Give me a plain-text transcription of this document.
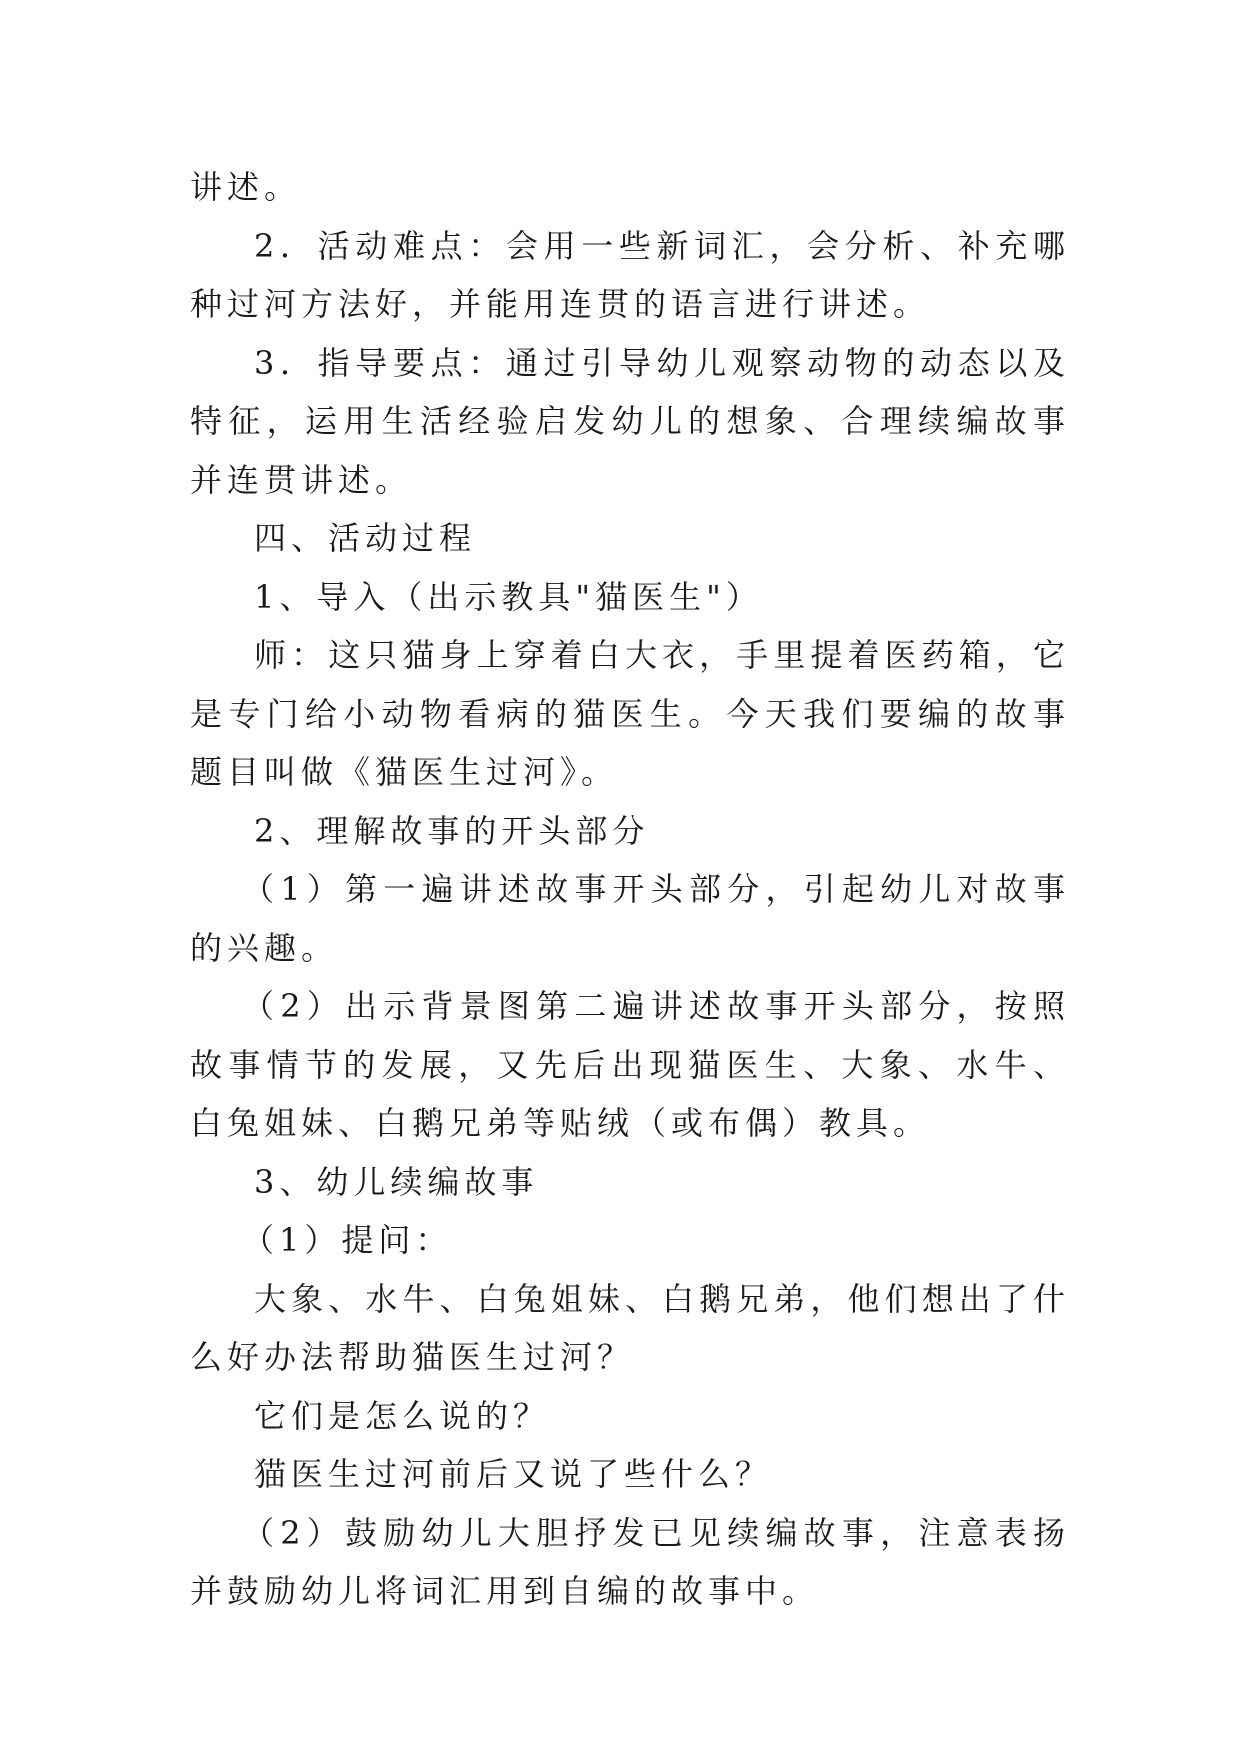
讲述。

2．活动难点：会用一些新词汇，会分析、补充哪种过河方法好，并能用连贯的语言进行讲述。

3．指导要点：通过引导幼儿观察动物的动态以及特征，运用生活经验启发幼儿的想象、合理续编故事并连贯讲述。

四、活动过程

1、导入（出示教具"猫医生"）

师：这只猫身上穿着白大衣，手里提着医药箱，它是专门给小动物看病的猫医生。今天我们要编的故事题目叫做《猫医生过河》。

2、理解故事的开头部分

（1）第一遍讲述故事开头部分，引起幼儿对故事的兴趣。

（2）出示背景图第二遍讲述故事开头部分，按照故事情节的发展，又先后出现猫医生、大象、水牛、白兔姐妹、白鹅兄弟等贴绒（或布偶）教具。

3、幼儿续编故事

（1）提问：

大象、水牛、白兔姐妹、白鹅兄弟，他们想出了什么好办法帮助猫医生过河？

它们是怎么说的？

猫医生过河前后又说了些什么？

（2）鼓励幼儿大胆抒发已见续编故事，注意表扬并鼓励幼儿将词汇用到自编的故事中。
